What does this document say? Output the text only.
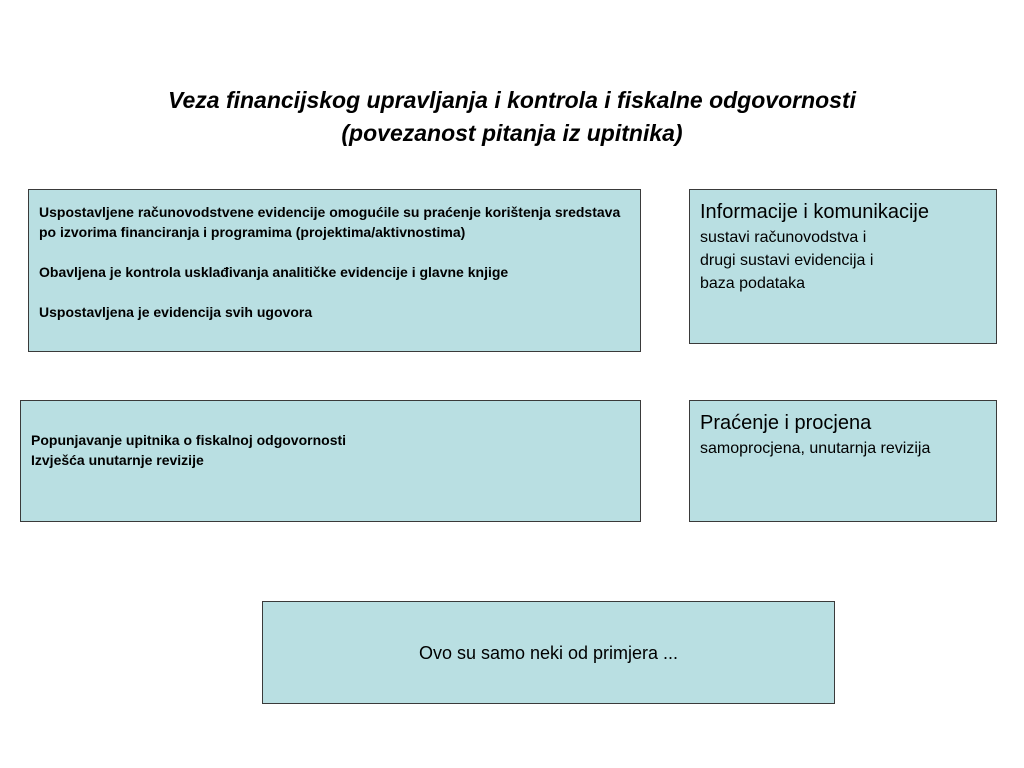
Veza financijskog upravljanja i kontrola i fiskalne odgovornosti
(povezanost pitanja iz upitnika)

Uspostavljene računovodstvene evidencije omogućile su praćenje korištenja sredstava po izvorima financiranja i programima (projektima/aktivnostima)

Obavljena je kontrola usklađivanja analitičke evidencije i glavne knjige

Uspostavljena je evidencija svih ugovora

Informacije i komunikacije
sustavi računovodstva i
drugi sustavi evidencija i
baza podataka
Popunjavanje upitnika o fiskalnoj odgovornosti
Izvješća unutarnje revizije
Praćenje i procjena
samoprocjena, unutarnja revizija
Ovo su samo neki od primjera ...
